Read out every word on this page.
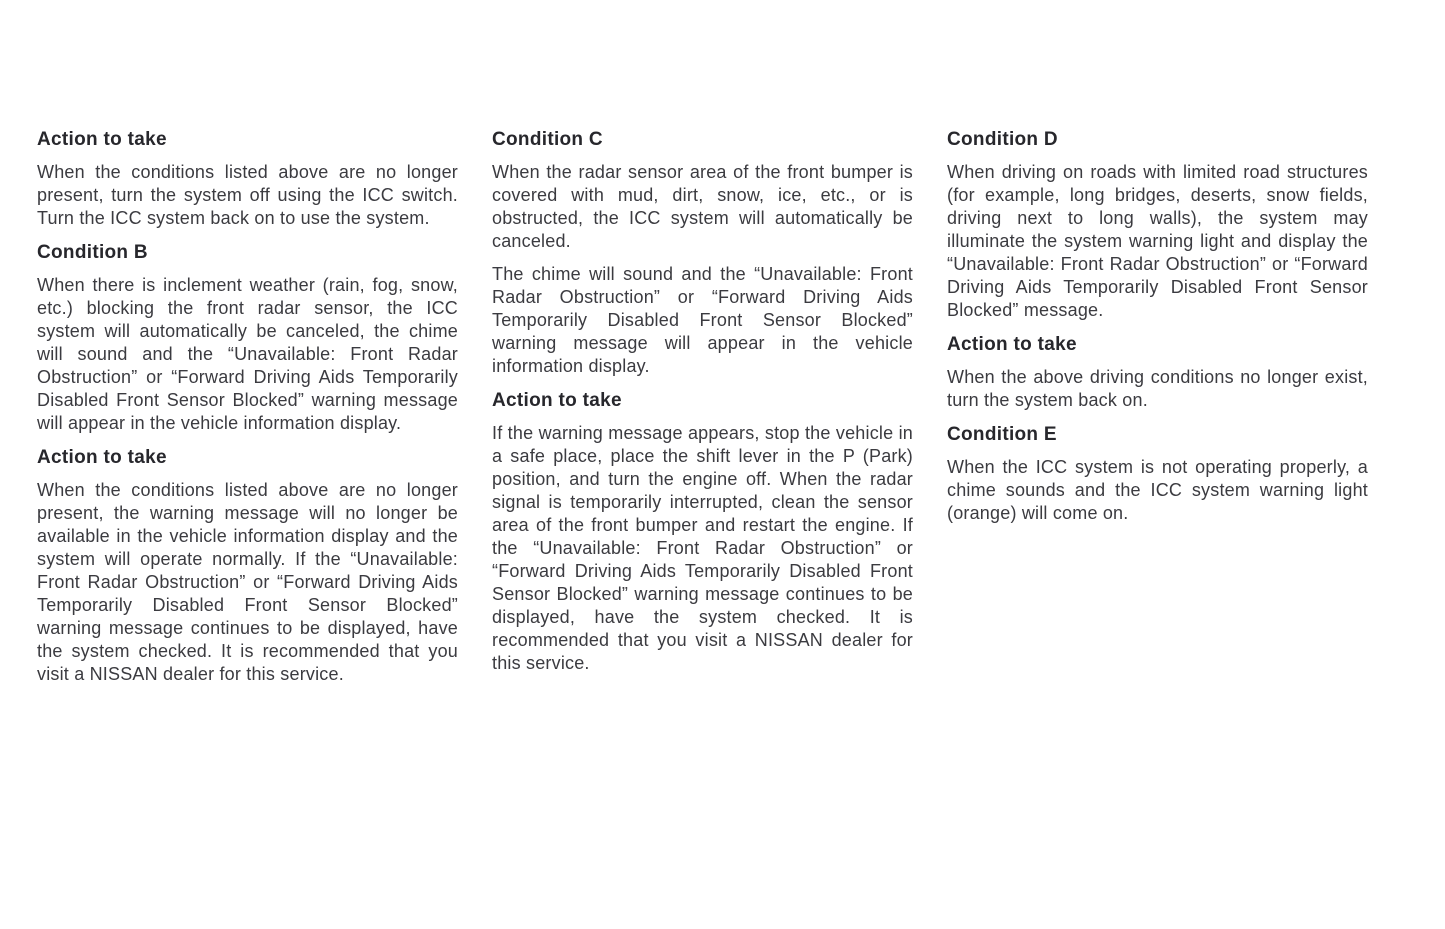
Action to take

When the conditions listed above are no longer present, turn the system off using the ICC switch. Turn the ICC system back on to use the system.

Condition B

When there is inclement weather (rain, fog, snow, etc.) blocking the front radar sensor, the ICC system will automatically be canceled, the chime will sound and the “Unavailable: Front Radar Obstruction” or “Forward Driving Aids Temporarily Disabled Front Sensor Blocked” warning message will appear in the vehicle information display.

Action to take

When the conditions listed above are no longer present, the warning message will no longer be available in the vehicle information display and the system will operate normally. If the “Unavailable: Front Radar Obstruction” or “Forward Driving Aids Temporarily Disabled Front Sensor Blocked” warning message continues to be displayed, have the system checked. It is recommended that you visit a NISSAN dealer for this service.

Condition C

When the radar sensor area of the front bumper is covered with mud, dirt, snow, ice, etc., or is obstructed, the ICC system will automatically be canceled.

The chime will sound and the “Unavailable: Front Radar Obstruction” or “Forward Driving Aids Temporarily Disabled Front Sensor Blocked” warning message will appear in the vehicle information display.

Action to take

If the warning message appears, stop the vehicle in a safe place, place the shift lever in the P (Park) position, and turn the engine off. When the radar signal is temporarily interrupted, clean the sensor area of the front bumper and restart the engine. If the “Unavailable: Front Radar Obstruction” or “Forward Driving Aids Temporarily Disabled Front Sensor Blocked” warning message continues to be displayed, have the system checked. It is recommended that you visit a NISSAN dealer for this service.

Condition D

When driving on roads with limited road structures (for example, long bridges, deserts, snow fields, driving next to long walls), the system may illuminate the system warning light and display the “Unavailable: Front Radar Obstruction” or “Forward Driving Aids Temporarily Disabled Front Sensor Blocked” message.

Action to take

When the above driving conditions no longer exist, turn the system back on.

Condition E

When the ICC system is not operating properly, a chime sounds and the ICC system warning light (orange) will come on.
